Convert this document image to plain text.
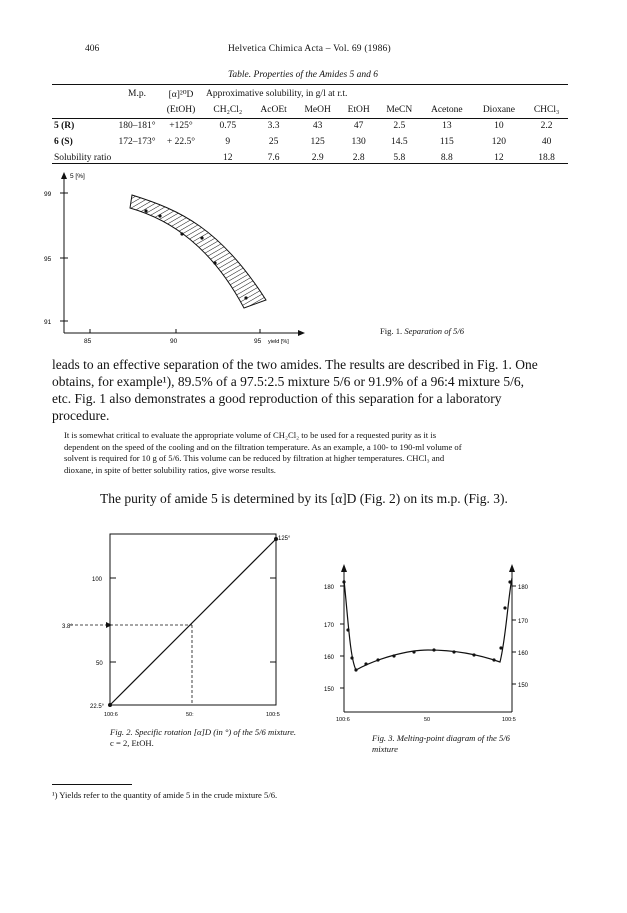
406	Helvetica Chimica Acta – Vol. 69 (1986)
Table. Properties of the Amides 5 and 6
	M.p.	[α]²⁰D	Approximative solubility, in g/l at r.t.							
		(EtOH)	CH₂Cl₂	AcOEt	MeOH	EtOH	MeCN	Acetone	Dioxane	CHCl₃
5 (R)	180–181°	+125°	0.75	3.3	43	47	2.5	13	10	2.2
6 (S)	172–173°	+ 22.5°	9	25	125	130	14.5	115	120	40
Solubility ratio			12	7.6	2.9	2.8	5.8	8.8	12	18.8
5 [%]
99
95
91
85	90	95 yield [%]
Fig. 1. Separation of 5/6
leads to an effective separation of the two amides. The results are described in Fig. 1. One
obtains, for example¹), 89.5% of a 97.5:2.5 mixture 5/6 or 91.9% of a 96:4 mixture 5/6,
etc. Fig. 1 also demonstrates a good reproduction of this separation for a laboratory
procedure.
It is somewhat critical to evaluate the appropriate volume of CH₂Cl₂ to be used for a requested purity as it is
dependent on the speed of the cooling and on the filtration temperature. As an example, a 100- to 190-ml volume of
solvent is required for 10 g of 5/6. This volume can be reduced by filtration at higher temperatures. CHCl₃ and
dioxane, in spite of better solubility ratios, give worse results.
The purity of amide 5 is determined by its [α]D (Fig. 2) on its m.p. (Fig. 3).
3.8°
125°
100
50
22.5°
100:6	50:	100:5
Fig. 2. Specific rotation [α]D (in °) of the 5/6 mixture.
c = 2, EtOH.
180
170
160
150
180
170
160
150
100:6	50	100:5
Fig. 3. Melting-point diagram of the 5/6
mixture
¹) Yields refer to the quantity of amide 5 in the crude mixture 5/6.
